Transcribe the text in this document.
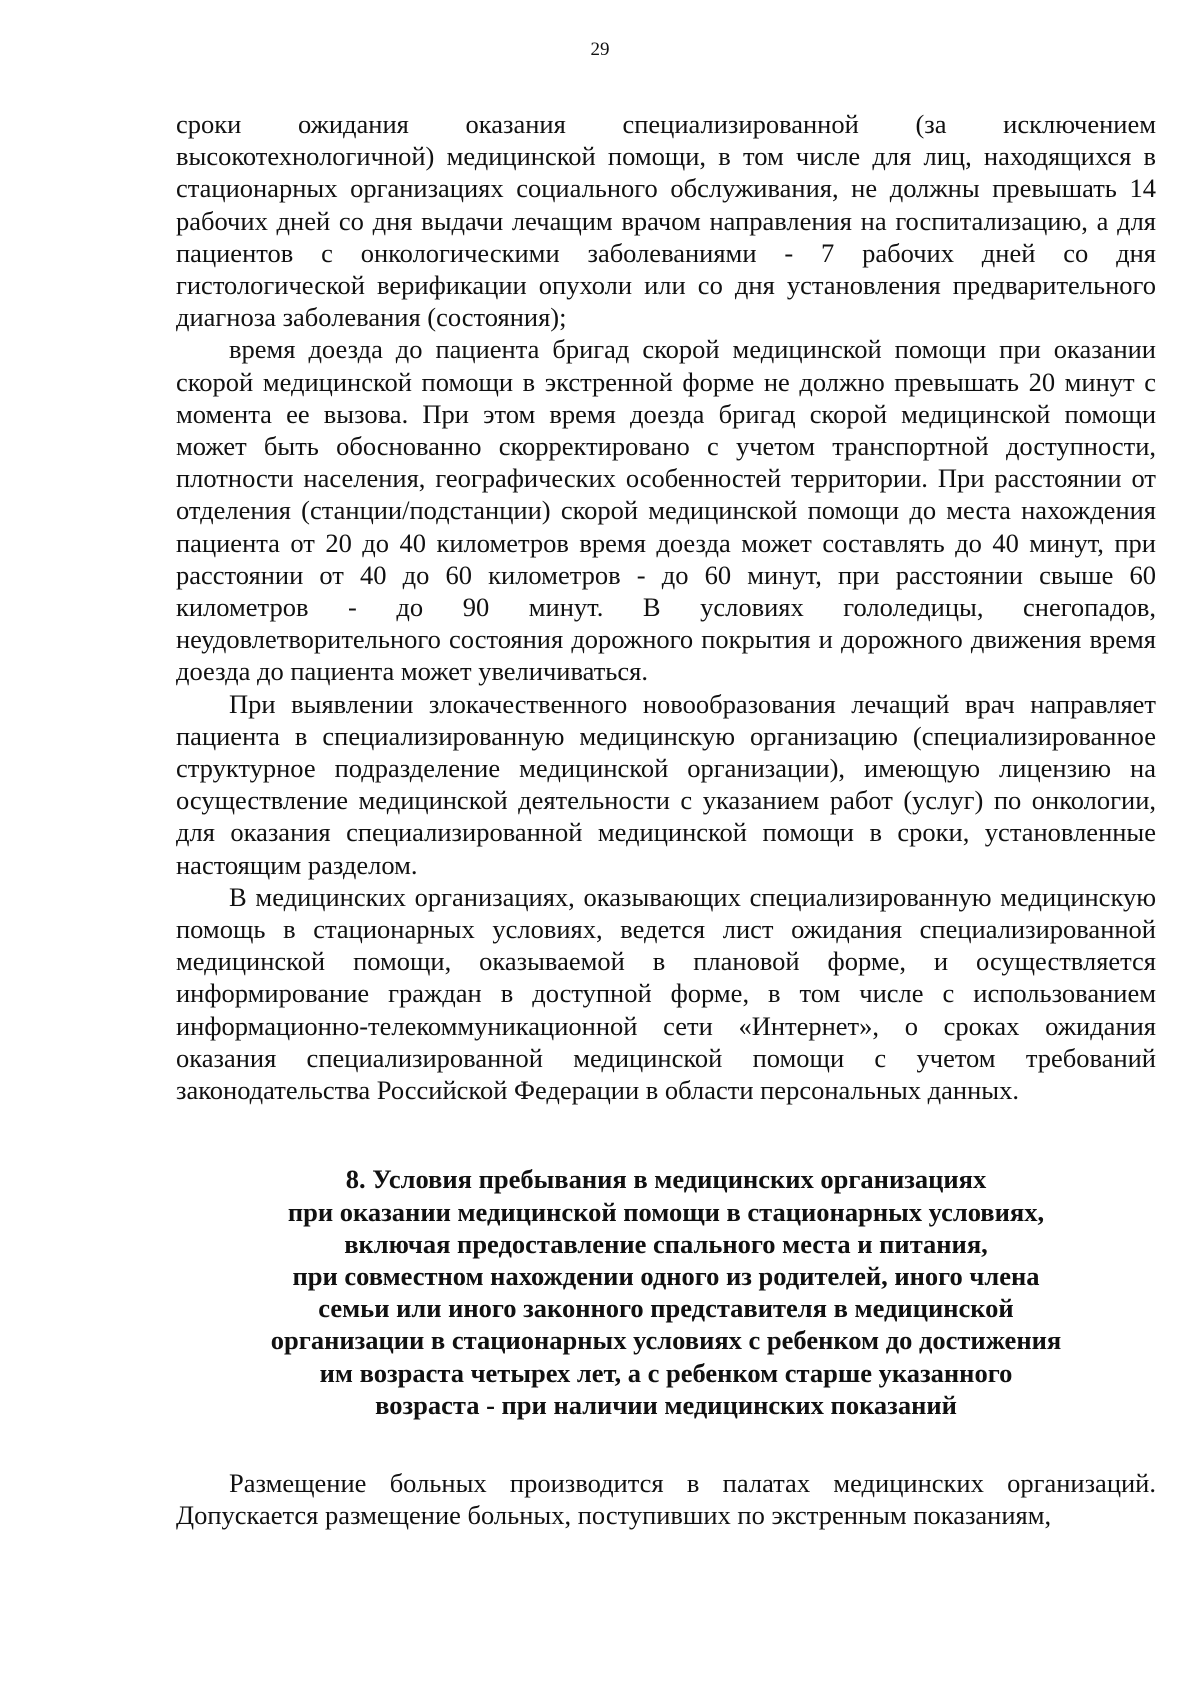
29

сроки ожидания оказания специализированной (за исключением высокотехнологичной) медицинской помощи, в том числе для лиц, находящихся в стационарных организациях социального обслуживания, не должны превышать 14 рабочих дней со дня выдачи лечащим врачом направления на госпитализацию, а для пациентов с онкологическими заболеваниями - 7 рабочих дней со дня гистологической верификации опухоли или со дня установления предварительного диагноза заболевания (состояния);

время доезда до пациента бригад скорой медицинской помощи при оказании скорой медицинской помощи в экстренной форме не должно превышать 20 минут с момента ее вызова. При этом время доезда бригад скорой медицинской помощи может быть обоснованно скорректировано с учетом транспортной доступности, плотности населения, географических особенностей территории. При расстоянии от отделения (станции/подстанции) скорой медицинской помощи до места нахождения пациента от 20 до 40 километров время доезда может составлять до 40 минут, при расстоянии от 40 до 60 километров - до 60 минут, при расстоянии свыше 60 километров - до 90 минут. В условиях гололедицы, снегопадов, неудовлетворительного состояния дорожного покрытия и дорожного движения время доезда до пациента может увеличиваться.

При выявлении злокачественного новообразования лечащий врач направляет пациента в специализированную медицинскую организацию (специализированное структурное подразделение медицинской организации), имеющую лицензию на осуществление медицинской деятельности с указанием работ (услуг) по онкологии, для оказания специализированной медицинской помощи в сроки, установленные настоящим разделом.

В медицинских организациях, оказывающих специализированную медицинскую помощь в стационарных условиях, ведется лист ожидания специализированной медицинской помощи, оказываемой в плановой форме, и осуществляется информирование граждан в доступной форме, в том числе с использованием информационно-телекоммуникационной сети «Интернет», о сроках ожидания оказания специализированной медицинской помощи с учетом требований законодательства Российской Федерации в области персональных данных.

8. Условия пребывания в медицинских организациях
при оказании медицинской помощи в стационарных условиях,
включая предоставление спального места и питания,
при совместном нахождении одного из родителей, иного члена
семьи или иного законного представителя в медицинской
организации в стационарных условиях с ребенком до достижения
им возраста четырех лет, а с ребенком старше указанного
возраста - при наличии медицинских показаний

Размещение больных производится в палатах медицинских организаций. Допускается размещение больных, поступивших по экстренным показаниям,
